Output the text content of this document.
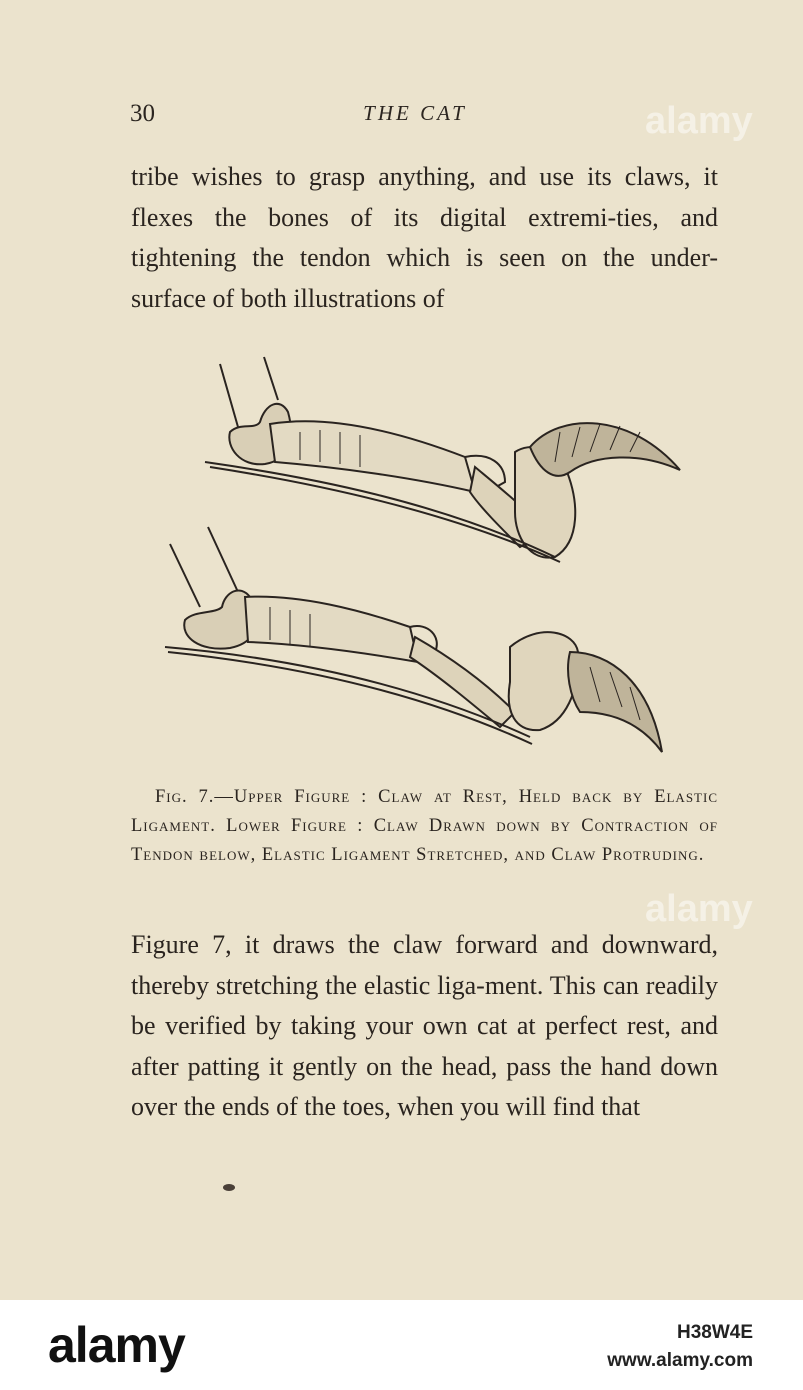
30	THE CAT

tribe wishes to grasp anything, and use its claws, it flexes the bones of its digital extremi-ties, and tightening the tendon which is seen on the under-surface of both illustrations of

Fig. 7.—Upper Figure : Claw at Rest, Held back by Elastic Ligament. Lower Figure : Claw Drawn down by Contraction of Tendon below, Elastic Ligament Stretched, and Claw Protruding.

Figure 7, it draws the claw forward and downward, thereby stretching the elastic liga-ment. This can readily be verified by taking your own cat at perfect rest, and after patting it gently on the head, pass the hand down over the ends of the toes, when you will find that

alamy
alamy
alamy	H38W4E
www.alamy.com
